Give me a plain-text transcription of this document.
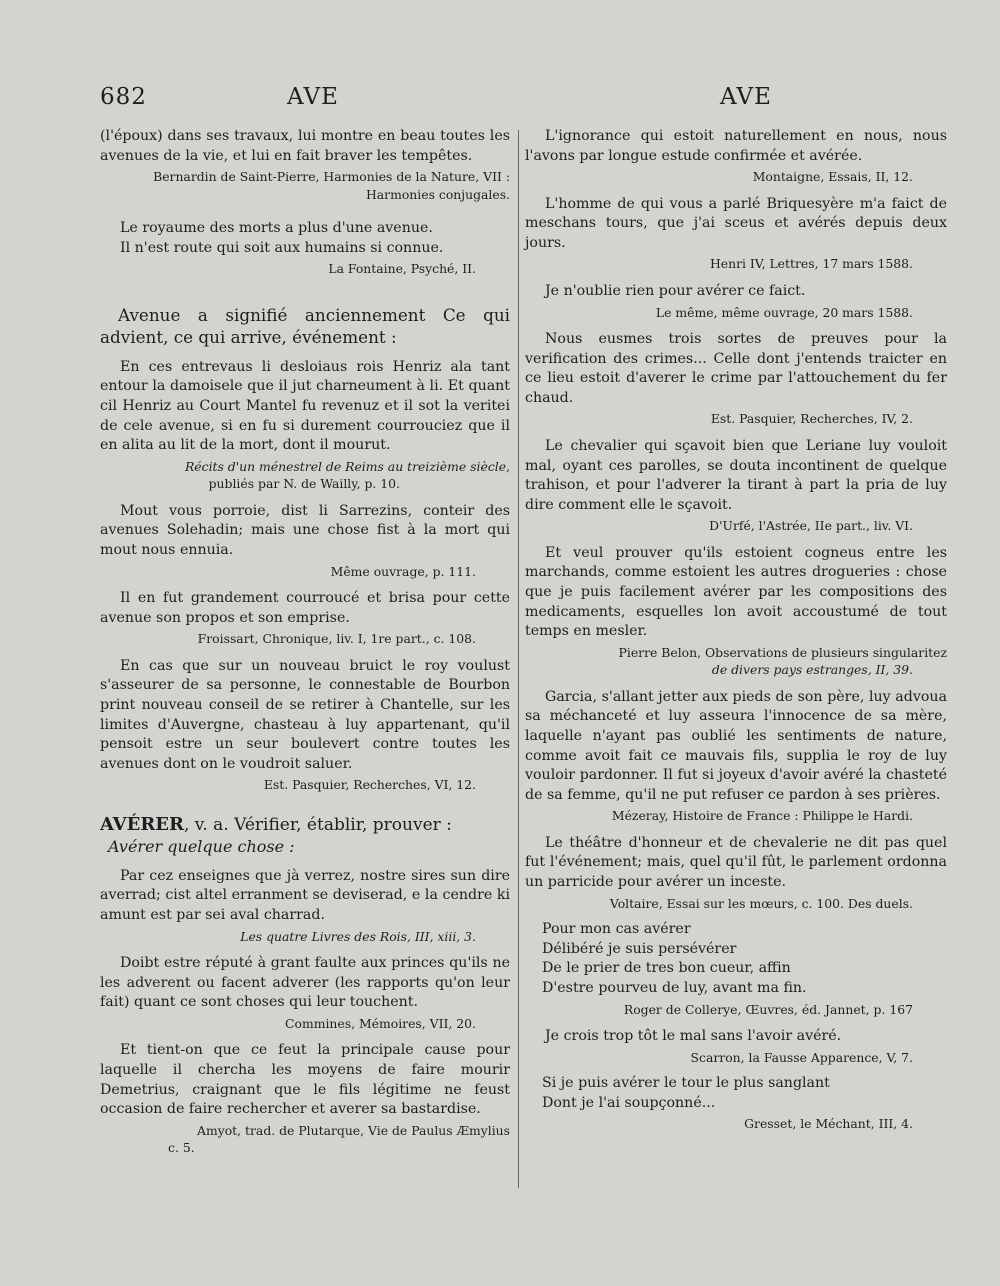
682	AVE	AVE

(l'époux) dans ses travaux, lui montre en beau toutes les avenues de la vie, et lui en fait braver les tempêtes.

Bernardin de Saint-Pierre, Harmonies de la Nature, VII : Harmonies conjugales.

Le royaume des morts a plus d'une avenue.
Il n'est route qui soit aux humains si connue.

La Fontaine, Psyché, II.

Avenue a signifié anciennement Ce qui advient, ce qui arrive, événement :

En ces entrevaus li desloiaus rois Henriz ala tant entour la damoisele que il jut charneument à li. Et quant cil Henriz au Court Mantel fu revenuz et il sot la veritei de cele avenue, si en fu si durement courrouciez que il en alita au lit de la mort, dont il mourut.

Récits d'un ménestrel de Reims au treizième siècle,

publiés par N. de Wailly, p. 10.

Mout vous porroie, dist li Sarrezins, conteir des avenues Solehadin; mais une chose fist à la mort qui mout nous ennuia.

Même ouvrage, p. 111.

Il en fut grandement courroucé et brisa pour cette avenue son propos et son emprise.

Froissart, Chronique, liv. I, 1re part., c. 108.

En cas que sur un nouveau bruict le roy voulust s'asseurer de sa personne, le connestable de Bourbon print nouveau conseil de se retirer à Chantelle, sur les limites d'Auvergne, chasteau à luy appartenant, qu'il pensoit estre un seur boulevert contre toutes les avenues dont on le voudroit saluer.

Est. Pasquier, Recherches, VI, 12.

AVÉRER, v. a. Vérifier, établir, prouver :

Avérer quelque chose :

Par cez enseignes que jà verrez, nostre sires sun dire averrad; cist altel erranment se deviserad, e la cendre ki amunt est par sei aval charrad.

Les quatre Livres des Rois, III, xiii, 3.

Doibt estre réputé à grant faulte aux princes qu'ils ne les adverent ou facent adverer (les rapports qu'on leur fait) quant ce sont choses qui leur touchent.

Commines, Mémoires, VII, 20.

Et tient-on que ce feut la principale cause pour laquelle il chercha les moyens de faire mourir Demetrius, craignant que le fils légitime ne feust occasion de faire rechercher et averer sa bastardise.

Amyot, trad. de Plutarque, Vie de Paulus Æmylius

c. 5.

L'ignorance qui estoit naturellement en nous, nous l'avons par longue estude confirmée et avérée.

Montaigne, Essais, II, 12.

L'homme de qui vous a parlé Briquesyère m'a faict de meschans tours, que j'ai sceus et avérés depuis deux jours.

Henri IV, Lettres, 17 mars 1588.

Je n'oublie rien pour avérer ce faict.

Le même, même ouvrage, 20 mars 1588.

Nous eusmes trois sortes de preuves pour la verification des crimes... Celle dont j'entends traicter en ce lieu estoit d'averer le crime par l'attouchement du fer chaud.

Est. Pasquier, Recherches, IV, 2.

Le chevalier qui sçavoit bien que Leriane luy vouloit mal, oyant ces parolles, se douta incontinent de quelque trahison, et pour l'adverer la tirant à part la pria de luy dire comment elle le sçavoit.

D'Urfé, l'Astrée, IIe part., liv. VI.

Et veul prouver qu'ils estoient cogneus entre les marchands, comme estoient les autres drogueries : chose que je puis facilement avérer par les compositions des medicaments, esquelles lon avoit accoustumé de tout temps en mesler.

Pierre Belon, Observations de plusieurs singularitez

de divers pays estranges, II, 39.

Garcia, s'allant jetter aux pieds de son père, luy advoua sa méchanceté et luy asseura l'innocence de sa mère, laquelle n'ayant pas oublié les sentiments de nature, comme avoit fait ce mauvais fils, supplia le roy de luy vouloir pardonner. Il fut si joyeux d'avoir avéré la chasteté de sa femme, qu'il ne put refuser ce pardon à ses prières.

Mézeray, Histoire de France : Philippe le Hardi.

Le théâtre d'honneur et de chevalerie ne dit pas quel fut l'événement; mais, quel qu'il fût, le parlement ordonna un parricide pour avérer un inceste.

Voltaire, Essai sur les mœurs, c. 100. Des duels.

Pour mon cas avérer
Délibéré je suis persévérer
De le prier de tres bon cueur, affin
D'estre pourveu de luy, avant ma fin.

Roger de Collerye, Œuvres, éd. Jannet, p. 167

Je crois trop tôt le mal sans l'avoir avéré.

Scarron, la Fausse Apparence, V, 7.

Si je puis avérer le tour le plus sanglant
Dont je l'ai soupçonné...

Gresset, le Méchant, III, 4.
